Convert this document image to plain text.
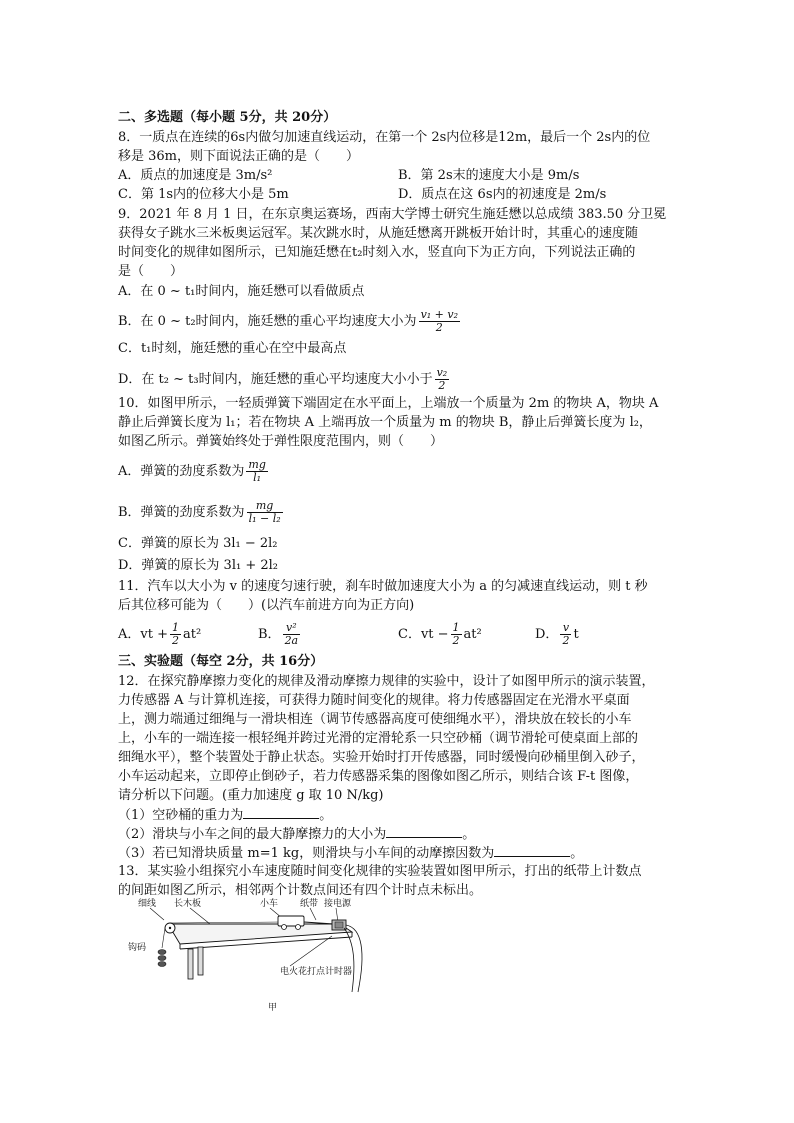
二、多选题（每小题 5分，共 20分）
8．一质点在连续的6s内做匀加速直线运动，在第一个 2s内位移是12m，最后一个 2s内的位
移是 36m，则下面说法正确的是（　　）
A．质点的加速度是 3m/s²	B．第 2s末的速度大小是 9m/s
C．第 1s内的位移大小是 5m	D．质点在这 6s内的初速度是 2m/s
9．2021 年 8 月 1 日，在东京奥运赛场，西南大学博士研究生施廷懋以总成绩 383.50 分卫冕
获得女子跳水三米板奥运冠军。某次跳水时，从施廷懋离开跳板开始计时，其重心的速度随
时间变化的规律如图所示，已知施廷懋在t₂时刻入水，竖直向下为正方向，下列说法正确的
是（　　）
A．在 0 ~ t₁时间内，施廷懋可以看做质点
B．在 0 ~ t₂时间内，施廷懋的重心平均速度大小为 $\frac{\text{v₁ + v₂}}{2}$
C．t₁时刻，施廷懋的重心在空中最高点
D．在 t₂ ~ t₃时间内，施廷懋的重心平均速度大小小于 $\frac{\text{v₂}}{2}$
10．如图甲所示，一轻质弹簧下端固定在水平面上，上端放一个质量为 2m 的物块 A，物块 A
静止后弹簧长度为 l₁；若在物块 A 上端再放一个质量为 m 的物块 B，静止后弹簧长度为 l₂，
如图乙所示。弹簧始终处于弹性限度范围内，则（　　）
A．弹簧的劲度系数为 $\frac{mg}{\text{l₁}}$
B．弹簧的劲度系数为 $\frac{mg}{\text{l₁ − l₂}}$
C．弹簧的原长为 3l₁ − 2l₂
D．弹簧的原长为 3l₁ + 2l₂
11．汽车以大小为 v 的速度匀速行驶，刹车时做加速度大小为 a 的匀减速直线运动，则 t 秒
后其位移可能为（　　）(以汽车前进方向为正方向)
A．vt + $\frac{1}{2} at^2$	B． $\frac{\text{v²}}{2a}$	C．vt − $\frac{1}{2} at^2$	D． $\frac{v}{2}$ t
三、实验题（每空 2分，共 16分）
12．在探究静摩擦力变化的规律及滑动摩擦力规律的实验中，设计了如图甲所示的演示装置，
力传感器 A 与计算机连接，可获得力随时间变化的规律。将力传感器固定在光滑水平桌面
上，测力端通过细绳与一滑块相连（调节传感器高度可使细绳水平），滑块放在较长的小车
上，小车的一端连接一根轻绳并跨过光滑的定滑轮系一只空砂桶（调节滑轮可使桌面上部的
细绳水平），整个装置处于静止状态。实验开始时打开传感器，同时缓慢向砂桶里倒入砂子，
小车运动起来，立即停止倒砂子，若力传感器采集的图像如图乙所示，则结合该 F-t 图像，
请分析以下问题。(重力加速度 g 取 10 N/kg)
（1）空砂桶的重力为	。
（2）滑块与小车之间的最大静摩擦力的大小为	。
（3）若已知滑块质量 m=1 kg，则滑块与小车间的动摩擦因数为	。
13．某实验小组探究小车速度随时间变化规律的实验装置如图甲所示，打出的纸带上计数点
的间距如图乙所示，相邻两个计数点间还有四个计时点未标出。
细线 长木板	小车 纸带 接电源
钩码
电火花打点计时器
甲
